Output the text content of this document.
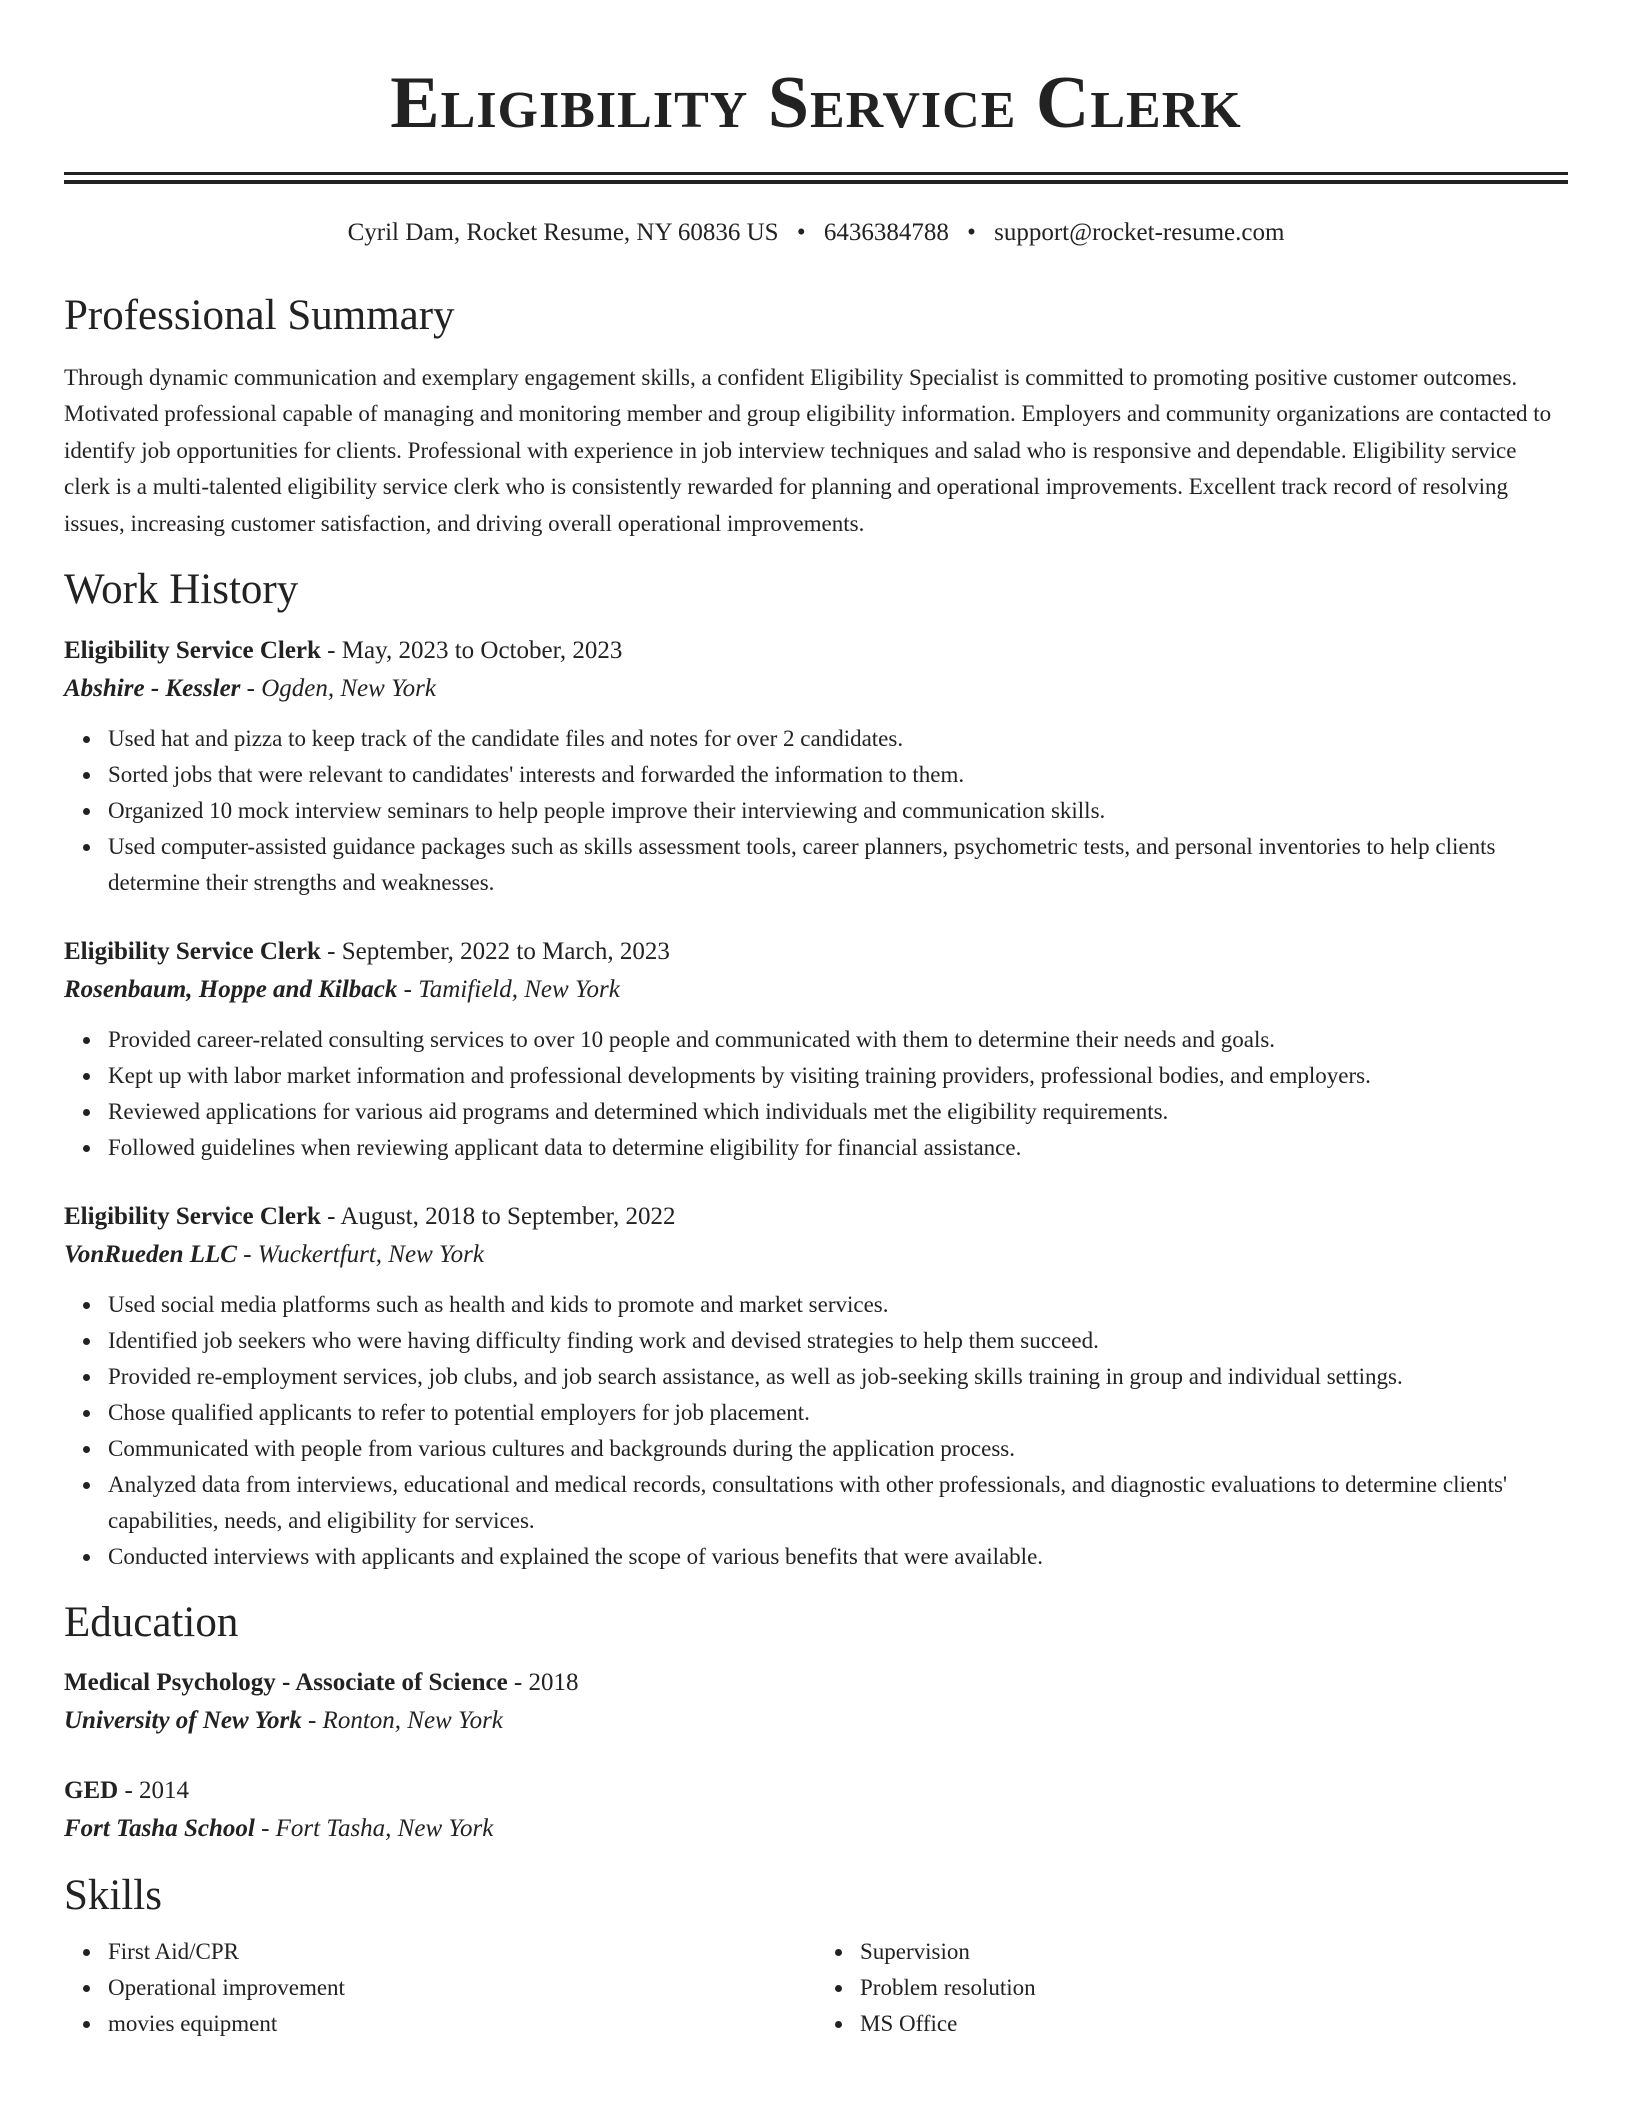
Eligibility Service Clerk
Cyril Dam, Rocket Resume, NY 60836 US • 6436384788 • support@rocket-resume.com
Professional Summary

Through dynamic communication and exemplary engagement skills, a confident Eligibility Specialist is committed to promoting positive customer outcomes. Motivated professional capable of managing and monitoring member and group eligibility information. Employers and community organizations are contacted to identify job opportunities for clients. Professional with experience in job interview techniques and salad who is responsive and dependable. Eligibility service clerk is a multi-talented eligibility service clerk who is consistently rewarded for planning and operational improvements. Excellent track record of resolving issues, increasing customer satisfaction, and driving overall operational improvements.

Work History

Eligibility Service Clerk - May, 2023 to October, 2023

Abshire - Kessler - Ogden, New York

Used hat and pizza to keep track of the candidate files and notes for over 2 candidates.
Sorted jobs that were relevant to candidates' interests and forwarded the information to them.
Organized 10 mock interview seminars to help people improve their interviewing and communication skills.
Used computer-assisted guidance packages such as skills assessment tools, career planners, psychometric tests, and personal inventories to help clients determine their strengths and weaknesses.

Eligibility Service Clerk - September, 2022 to March, 2023

Rosenbaum, Hoppe and Kilback - Tamifield, New York

Provided career-related consulting services to over 10 people and communicated with them to determine their needs and goals.
Kept up with labor market information and professional developments by visiting training providers, professional bodies, and employers.
Reviewed applications for various aid programs and determined which individuals met the eligibility requirements.
Followed guidelines when reviewing applicant data to determine eligibility for financial assistance.

Eligibility Service Clerk - August, 2018 to September, 2022

VonRueden LLC - Wuckertfurt, New York

Used social media platforms such as health and kids to promote and market services.
Identified job seekers who were having difficulty finding work and devised strategies to help them succeed.
Provided re-employment services, job clubs, and job search assistance, as well as job-seeking skills training in group and individual settings.
Chose qualified applicants to refer to potential employers for job placement.
Communicated with people from various cultures and backgrounds during the application process.
Analyzed data from interviews, educational and medical records, consultations with other professionals, and diagnostic evaluations to determine clients' capabilities, needs, and eligibility for services.
Conducted interviews with applicants and explained the scope of various benefits that were available.
Education

Medical Psychology - Associate of Science - 2018

University of New York - Ronton, New York

GED - 2014

Fort Tasha School - Fort Tasha, New York

Skills
First Aid/CPR
Operational improvement
movies equipment
Supervision
Problem resolution
MS Office
